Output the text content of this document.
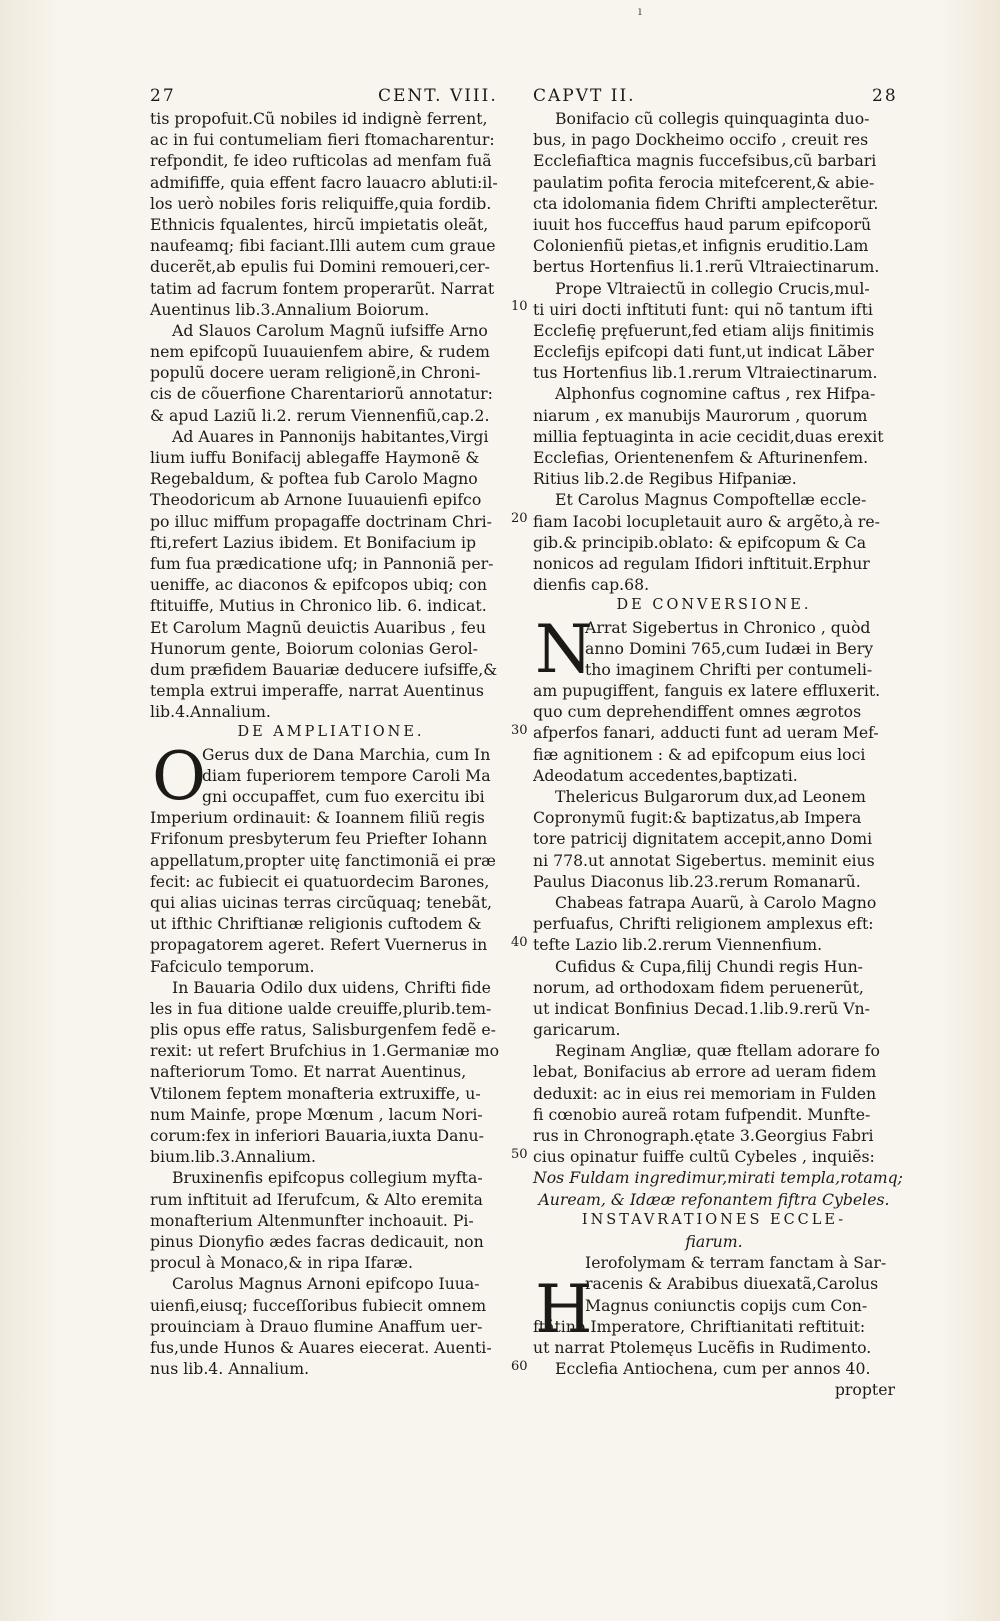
ı
27	CENT. VIII. CAPVT II.	28
tis propofuit.Cũ nobiles id indignè ferrent,
ac in fui contumeliam fieri ftomacharentur:
refpondit, fe ideo rufticolas ad menfam fuã
admififfe, quia effent facro lauacro abluti:il-
los uerò nobiles foris reliquiffe,quia fordib.
Ethnicis fqualentes, hircũ impietatis oleãt,
naufeamq; fibi faciant.Illi autem cum graue
ducerẽt,ab epulis fui Domini remoueri,cer-
tatim ad facrum fontem properarũt. Narrat
Auentinus lib.3.Annalium Boiorum.
Ad Slauos Carolum Magnũ iufsiffe Arno
nem epifcopũ Iuuauienfem abire, & rudem
populũ docere ueram religionẽ,in Chroni-
cis de cõuerfione Charentariorũ annotatur:
& apud Laziũ li.2. rerum Viennenfiũ,cap.2.
Ad Auares in Pannonijs habitantes,Virgi
lium iuffu Bonifacij ablegaffe Haymonẽ &
Regebaldum, & poftea fub Carolo Magno
Theodoricum ab Arnone Iuuauienfi epifco
po illuc miffum propagaffe doctrinam Chri-
fti,refert Lazius ibidem. Et Bonifacium ip
fum fua prædicatione ufq; in Pannoniã per-
ueniffe, ac diaconos & epifcopos ubiq; con
ftituiffe, Mutius in Chronico lib. 6. indicat.
Et Carolum Magnũ deuictis Auaribus , feu
Hunorum gente, Boiorum colonias Gerol-
dum præfidem Bauariæ deducere iufsiffe,&
templa extrui imperaffe, narrat Auentinus
lib.4.Annalium.
DE AMPLIATIONE.
Gerus dux de Dana Marchia, cum In
diam fuperiorem tempore Caroli Ma
gni occupaffet, cum fuo exercitu ibi
Imperium ordinauit: & Ioannem filiũ regis
Frifonum presbyterum feu Priefter Iohann
appellatum,propter uitę fanctimoniã ei præ
fecit: ac fubiecit ei quatuordecim Barones,
qui alias uicinas terras circũquaq; tenebãt,
ut ifthic Chriftianæ religionis cuftodem &
propagatorem ageret. Refert Vuernerus in
Fafciculo temporum.
In Bauaria Odilo dux uidens, Chrifti fide
les in fua ditione ualde creuiffe,plurib.tem-
plis opus effe ratus, Salisburgenfem fedẽ e-
rexit: ut refert Brufchius in 1.Germaniæ mo
nafteriorum Tomo. Et narrat Auentinus,
Vtilonem feptem monafteria extruxiffe, u-
num Mainfe, prope Mœnum , lacum Nori-
corum:fex in inferiori Bauaria,iuxta Danu-
bium.lib.3.Annalium.
Bruxinenfis epifcopus collegium myfta-
rum inftituit ad Iferufcum, & Alto eremita
monafterium Altenmunfter inchoauit. Pi-
pinus Dionyfio ædes facras dedicauit, non
procul à Monaco,& in ripa Ifaræ.
Carolus Magnus Arnoni epifcopo Iuua-
uienfi,eiusq; fucceſſoribus fubiecit omnem
prouinciam à Drauo flumine Anaffum uer-
fus,unde Hunos & Auares eiecerat. Auenti-
nus lib.4. Annalium.
Bonifacio cũ collegis quinquaginta duo-
bus, in pago Dockheimo occifo , creuit res
Ecclefiaftica magnis fuccefsibus,cũ barbari
paulatim pofita ferocia mitefcerent,& abie-
cta idolomania fidem Chrifti amplecterẽtur.
iuuit hos fucceffus haud parum epifcoporũ
Colonienfiũ pietas,et infignis eruditio.Lam
bertus Hortenfius li.1.rerũ Vltraiectinarum.
Prope Vltraiectũ in collegio Crucis,mul-
ti uiri docti inftituti funt: qui nõ tantum ifti
Ecclefię pręfuerunt,fed etiam alijs finitimis
Ecclefijs epifcopi dati funt,ut indicat Lãber
tus Hortenfius lib.1.rerum Vltraiectinarum.
Alphonfus cognomine caftus , rex Hifpa-
niarum , ex manubijs Maurorum , quorum
millia feptuaginta in acie cecidit,duas erexit
Ecclefias, Orientenenfem & Afturinenfem.
Ritius lib.2.de Regibus Hifpaniæ.
Et Carolus Magnus Compoftellæ eccle-
fiam Iacobi locupletauit auro & argẽto,à re-
gib.& principib.oblato: & epifcopum & Ca
nonicos ad regulam Ifidori inftituit.Erphur
dienfis cap.68.
DE CONVERSIONE.
Arrat Sigebertus in Chronico , quòd
anno Domini 765,cum Iudæi in Bery
tho imaginem Chrifti per contumeli-
am pupugiffent, fanguis ex latere effluxerit.
quo cum deprehendiffent omnes ægrotos
afperfos fanari, adducti funt ad ueram Mef-
fiæ agnitionem : & ad epifcopum eius loci
Adeodatum accedentes,baptizati.
Thelericus Bulgarorum dux,ad Leonem
Copronymũ fugit:& baptizatus,ab Impera
tore patricij dignitatem accepit,anno Domi
ni 778.ut annotat Sigebertus. meminit eius
Paulus Diaconus lib.23.rerum Romanarũ.
Chabeas fatrapa Auarũ, à Carolo Magno
perfuafus, Chrifti religionem amplexus eft:
tefte Lazio lib.2.rerum Viennenfium.
Cufidus & Cupa,filij Chundi regis Hun-
norum, ad orthodoxam fidem peruenerũt,
ut indicat Bonfinius Decad.1.lib.9.rerũ Vn-
garicarum.
Reginam Angliæ, quæ ftellam adorare fo
lebat, Bonifacius ab errore ad ueram fidem
deduxit: ac in eius rei memoriam in Fulden
fi cœnobio aureã rotam fufpendit. Munfte-
rus in Chronograph.ętate 3.Georgius Fabri
cius opinatur fuiffe cultũ Cybeles , inquiẽs:
Nos Fuldam ingredimur,mirati templa,rotamq;
Auream, & Idææ refonantem fiftra Cybeles.
INSTAVRATIONES ECCLE-
fiarum.
Ierofolymam & terram fanctam à Sar-
racenis & Arabibus diuexatã,Carolus
Magnus coniunctis copijs cum Con-
ftãtino Imperatore, Chriftianitati reftituit:
ut narrat Ptolemęus Lucẽfis in Rudimento.
Ecclefia Antiochena, cum per annos 40.
propter
O
N
H
10
20
30
40
50
60
